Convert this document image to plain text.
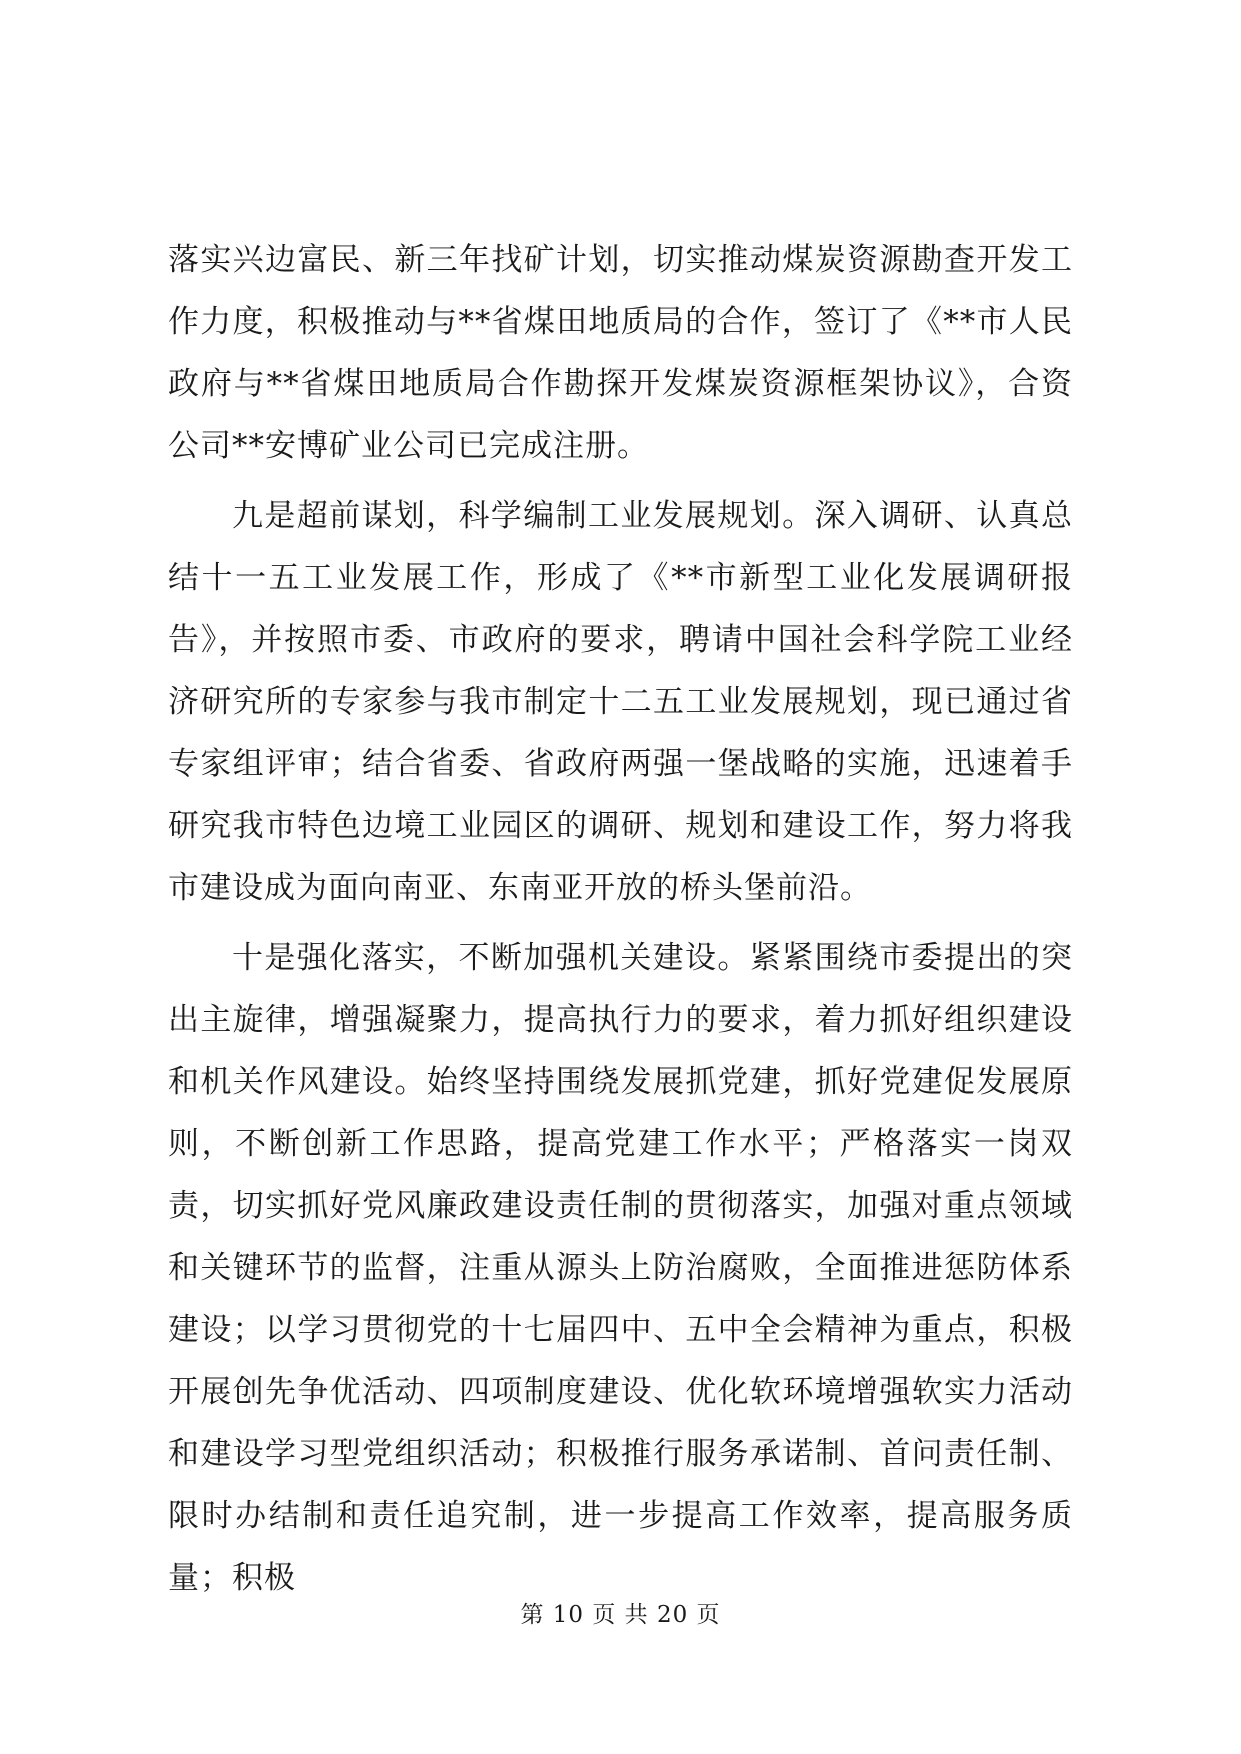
落实兴边富民、新三年找矿计划，切实推动煤炭资源勘查开发工作力度，积极推动与**省煤田地质局的合作，签订了《**市人民政府与**省煤田地质局合作勘探开发煤炭资源框架协议》，合资公司**安博矿业公司已完成注册。

九是超前谋划，科学编制工业发展规划。深入调研、认真总结十一五工业发展工作，形成了《**市新型工业化发展调研报告》，并按照市委、市政府的要求，聘请中国社会科学院工业经济研究所的专家参与我市制定十二五工业发展规划，现已通过省专家组评审；结合省委、省政府两强一堡战略的实施，迅速着手研究我市特色边境工业园区的调研、规划和建设工作，努力将我市建设成为面向南亚、东南亚开放的桥头堡前沿。

十是强化落实，不断加强机关建设。紧紧围绕市委提出的突出主旋律，增强凝聚力，提高执行力的要求，着力抓好组织建设和机关作风建设。始终坚持围绕发展抓党建，抓好党建促发展原则，不断创新工作思路，提高党建工作水平；严格落实一岗双责，切实抓好党风廉政建设责任制的贯彻落实，加强对重点领域和关键环节的监督，注重从源头上防治腐败，全面推进惩防体系建设；以学习贯彻党的十七届四中、五中全会精神为重点，积极开展创先争优活动、四项制度建设、优化软环境增强软实力活动和建设学习型党组织活动；积极推行服务承诺制、首问责任制、限时办结制和责任追究制，进一步提高工作效率，提高服务质量；积极

第 10 页 共 20 页
